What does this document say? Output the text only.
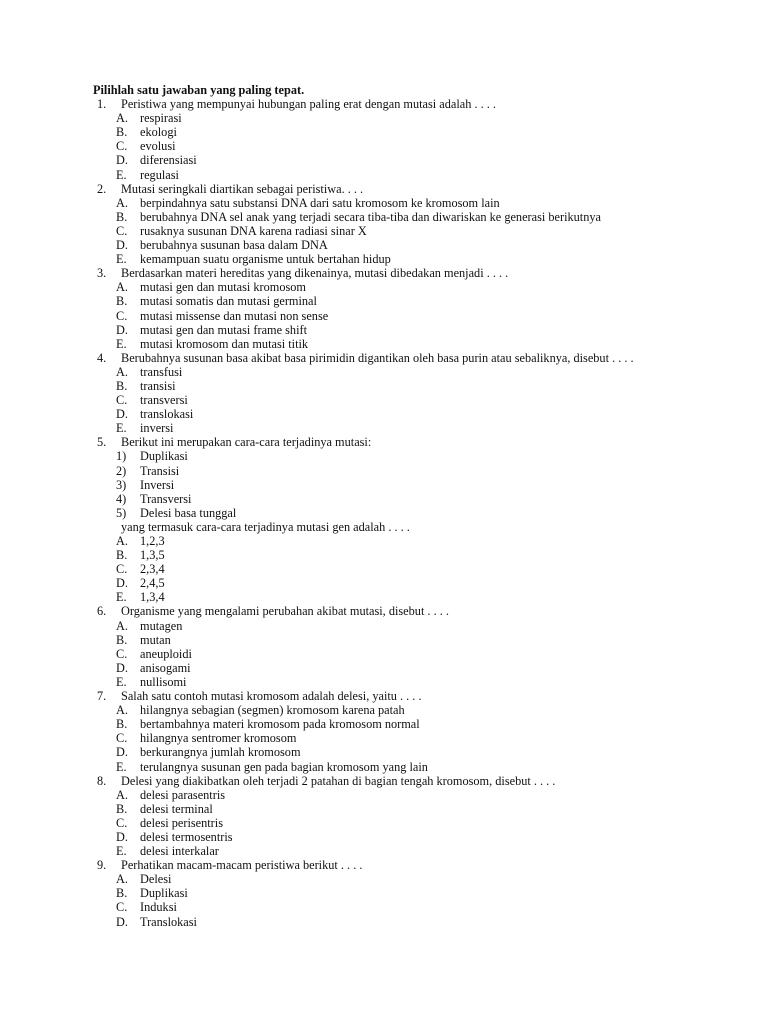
Pilihlah satu jawaban yang paling tepat.
1. Peristiwa yang mempunyai hubungan paling erat dengan mutasi adalah . . . .
A. respirasi
B. ekologi
C. evolusi
D. diferensiasi
E. regulasi
2. Mutasi seringkali diartikan sebagai peristiwa. . . .
A. berpindahnya satu substansi DNA dari satu kromosom ke kromosom lain
B. berubahnya DNA sel anak yang terjadi secara tiba-tiba dan diwariskan ke generasi berikutnya
C. rusaknya susunan DNA karena radiasi sinar X
D. berubahnya susunan basa dalam DNA
E. kemampuan suatu organisme untuk bertahan hidup
3. Berdasarkan materi hereditas yang dikenainya, mutasi dibedakan menjadi . . . .
A. mutasi gen dan mutasi kromosom
B. mutasi somatis dan mutasi germinal
C. mutasi missense dan mutasi non sense
D. mutasi gen dan mutasi frame shift
E. mutasi kromosom dan mutasi titik
4. Berubahnya susunan basa akibat basa pirimidin digantikan oleh basa purin atau sebaliknya, disebut . . . .
A. transfusi
B. transisi
C. transversi
D. translokasi
E. inversi
5. Berikut ini merupakan cara-cara terjadinya mutasi:
1) Duplikasi
2) Transisi
3) Inversi
4) Transversi
5) Delesi basa tunggal
yang termasuk cara-cara terjadinya mutasi gen adalah . . . .
A. 1,2,3
B. 1,3,5
C. 2,3,4
D. 2,4,5
E. 1,3,4
6. Organisme yang mengalami perubahan akibat mutasi, disebut . . . .
A. mutagen
B. mutan
C. aneuploidi
D. anisogami
E. nullisomi
7. Salah satu contoh mutasi kromosom adalah delesi, yaitu . . . .
A. hilangnya sebagian (segmen) kromosom karena patah
B. bertambahnya materi kromosom pada kromosom normal
C. hilangnya sentromer kromosom
D. berkurangnya jumlah kromosom
E. terulangnya susunan gen pada bagian kromosom yang lain
8. Delesi yang diakibatkan oleh terjadi 2 patahan di bagian tengah kromosom, disebut . . . .
A. delesi parasentris
B. delesi terminal
C. delesi perisentris
D. delesi termosentris
E. delesi interkalar
9. Perhatikan macam-macam peristiwa berikut . . . .
A. Delesi
B. Duplikasi
C. Induksi
D. Translokasi
